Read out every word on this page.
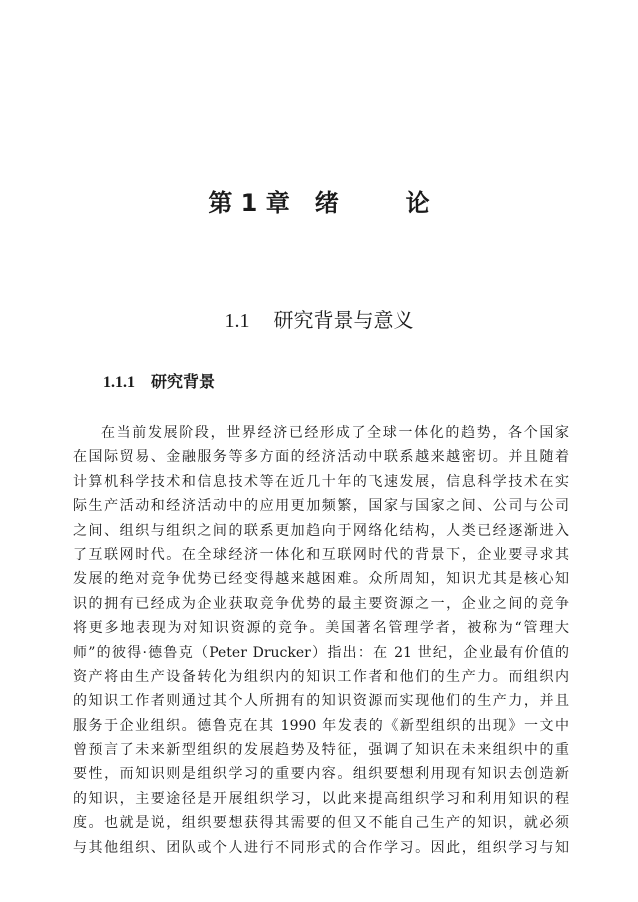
第 1 章   绪        论
1.1 研究背景与意义
1.1.1 研究背景
在当前发展阶段，世界经济已经形成了全球一体化的趋势，各个国家
在国际贸易、金融服务等多方面的经济活动中联系越来越密切。并且随着
计算机科学技术和信息技术等在近几十年的飞速发展，信息科学技术在实
际生产活动和经济活动中的应用更加频繁，国家与国家之间、公司与公司
之间、组织与组织之间的联系更加趋向于网络化结构，人类已经逐渐进入
了互联网时代。在全球经济一体化和互联网时代的背景下，企业要寻求其
发展的绝对竞争优势已经变得越来越困难。众所周知，知识尤其是核心知
识的拥有已经成为企业获取竞争优势的最主要资源之一，企业之间的竞争
将更多地表现为对知识资源的竞争。美国著名管理学者，被称为“管理大
师”的彼得·德鲁克（Peter Drucker）指出：在 21 世纪，企业最有价值的
资产将由生产设备转化为组织内的知识工作者和他们的生产力。而组织内
的知识工作者则通过其个人所拥有的知识资源而实现他们的生产力，并且
服务于企业组织。德鲁克在其 1990 年发表的《新型组织的出现》一文中
曾预言了未来新型组织的发展趋势及特征，强调了知识在未来组织中的重
要性，而知识则是组织学习的重要内容。组织要想利用现有知识去创造新
的知识，主要途径是开展组织学习，以此来提高组织学习和利用知识的程
度。也就是说，组织要想获得其需要的但又不能自己生产的知识，就必须
与其他组织、团队或个人进行不同形式的合作学习。因此，组织学习与知
